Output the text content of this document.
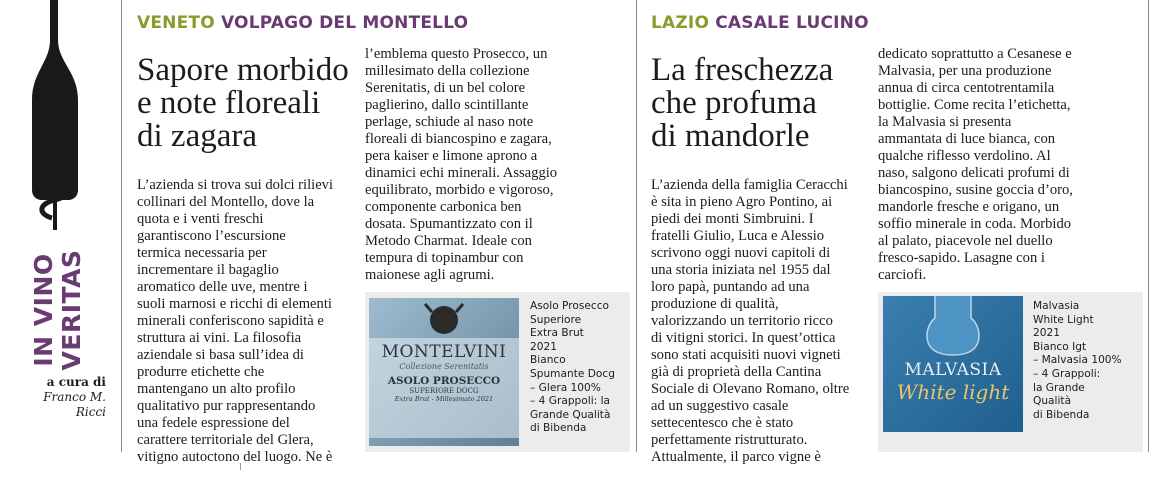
IN VINO VERITAS
a cura di
Franco M.
Ricci
VENETO VOLPAGO DEL MONTELLO
Sapore morbido
e note floreali
di zagara
L’azienda si trova sui dolci rilievi
collinari del Montello, dove la
quota e i venti freschi
garantiscono l’escursione
termica necessaria per
incrementare il bagaglio
aromatico delle uve, mentre i
suoli marnosi e ricchi di elementi
minerali conferiscono sapidità e
struttura ai vini. La filosofia
aziendale si basa sull’idea di
produrre etichette che
mantengano un alto profilo
qualitativo pur rappresentando
una fedele espressione del
carattere territoriale del Glera,
vitigno autoctono del luogo. Ne è
l’emblema questo Prosecco, un
millesimato della collezione
Serenitatis, di un bel colore
paglierino, dallo scintillante
perlage, schiude al naso note
floreali di biancospino e zagara,
pera kaiser e limone aprono a
dinamici echi minerali. Assaggio
equilibrato, morbido e vigoroso,
componente carbonica ben
dosata. Spumantizzato con il
Metodo Charmat. Ideale con
tempura di topinambur con
maionese agli agrumi.
MONTELVINI
Collezione Serenitatis
ASOLO PROSECCO
SUPERIORE DOCG
Extra Brut - Millesimato 2021
Asolo Prosecco
Superiore
Extra Brut
2021
Bianco
Spumante Docg
– Glera 100%
– 4 Grappoli: la
Grande Qualità
di Bibenda
LAZIO CASALE LUCINO
La freschezza
che profuma
di mandorle
L’azienda della famiglia Ceracchi
è sita in pieno Agro Pontino, ai
piedi dei monti Simbruini. I
fratelli Giulio, Luca e Alessio
scrivono oggi nuovi capitoli di
una storia iniziata nel 1955 dal
loro papà, puntando ad una
produzione di qualità,
valorizzando un territorio ricco
di vitigni storici. In quest’ottica
sono stati acquisiti nuovi vigneti
già di proprietà della Cantina
Sociale di Olevano Romano, oltre
ad un suggestivo casale
settecentesco che è stato
perfettamente ristrutturato.
Attualmente, il parco vigne è
dedicato soprattutto a Cesanese e
Malvasia, per una produzione
annua di circa centotrentamila
bottiglie. Come recita l’etichetta,
la Malvasia si presenta
ammantata di luce bianca, con
qualche riflesso verdolino. Al
naso, salgono delicati profumi di
biancospino, susine goccia d’oro,
mandorle fresche e origano, un
soffio minerale in coda. Morbido
al palato, piacevole nel duello
fresco-sapido. Lasagne con i
carciofi.
MALVASIA
White light
Malvasia
White Light
2021
Bianco Igt
– Malvasia 100%
– 4 Grappoli:
la Grande
Qualità
di Bibenda
